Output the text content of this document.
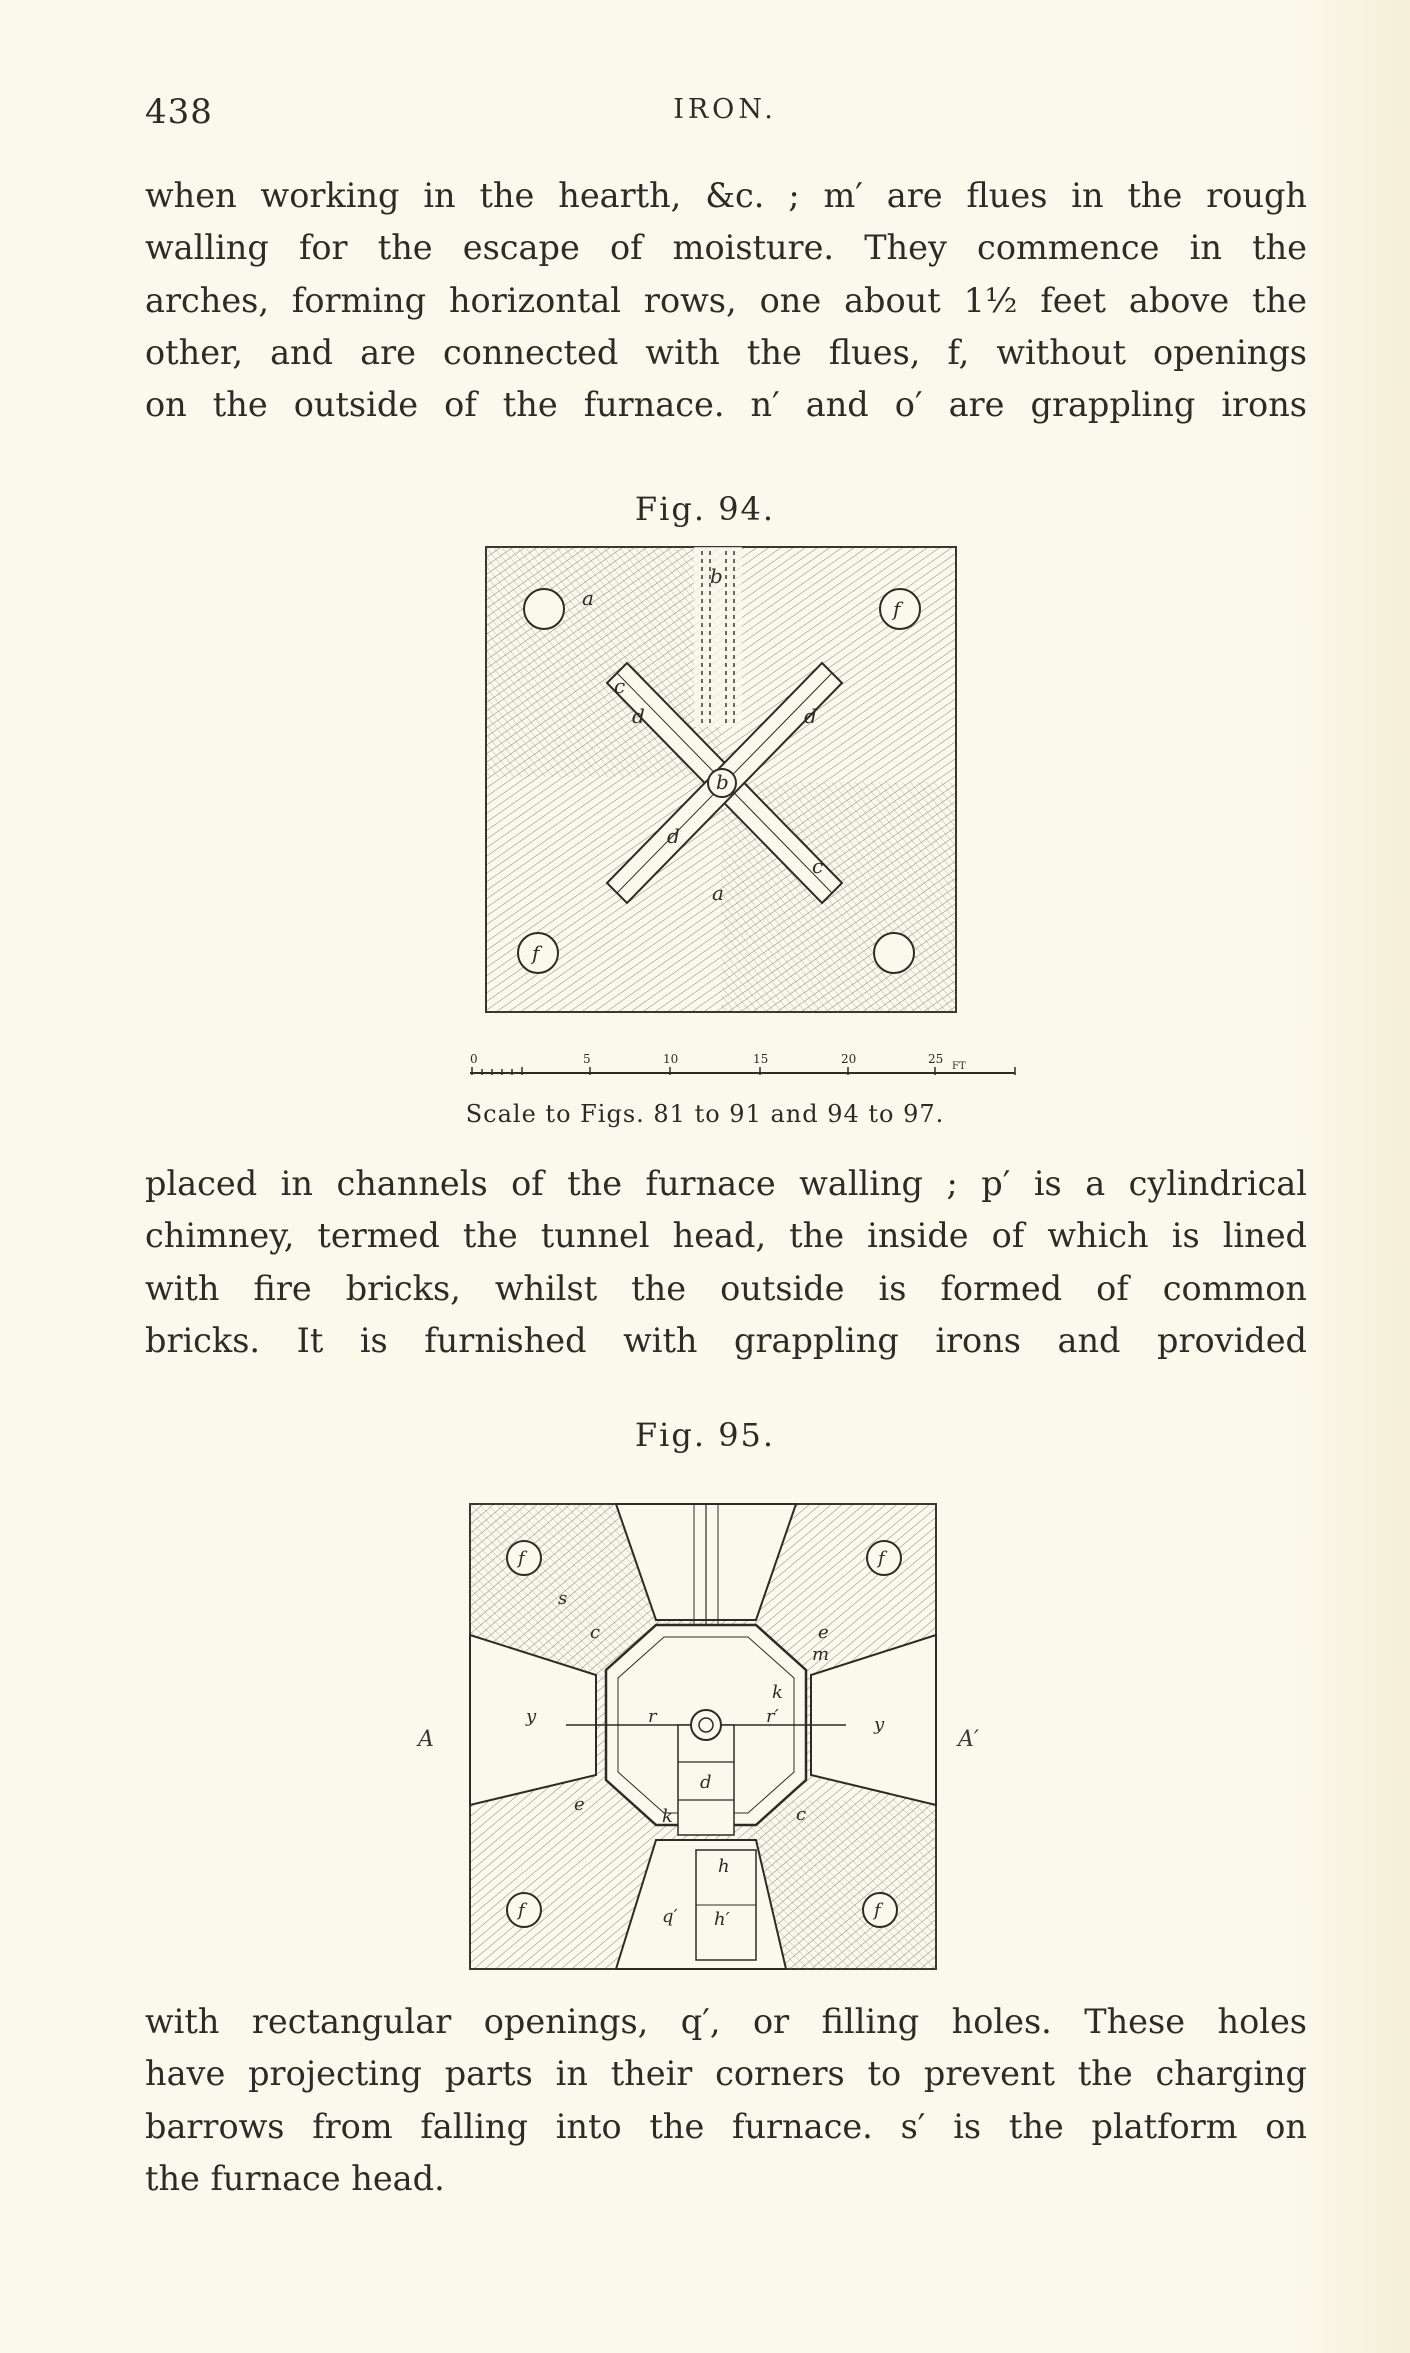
438	IRON.

when working in the hearth, &c. ; m′ are flues in the rough
walling for the escape of moisture. They commence in the
arches, forming horizontal rows, one about 1½ feet above the
other, and are connected with the flues, f, without openings
on the outside of the furnace. n′ and o′ are grappling irons

Fig. 94.
b
a	f
c
d	d
b
d
c
a
f
0	5	10	15	20	25
FT
Scale to Figs. 81 to 91 and 94 to 97.

placed in channels of the furnace walling ; p′ is a cylindrical
chimney, termed the tunnel head, the inside of which is lined
with fire bricks, whilst the outside is formed of common
bricks. It is furnished with grappling irons and provided

Fig. 95.
A	A′
f
s
f
c	e
m
y
k
r	r′	y
d
e
k	c
f
h
q′ h′	f

with rectangular openings, q′, or filling holes. These holes
have projecting parts in their corners to prevent the charging
barrows from falling into the furnace. s′ is the platform on
the furnace head.
